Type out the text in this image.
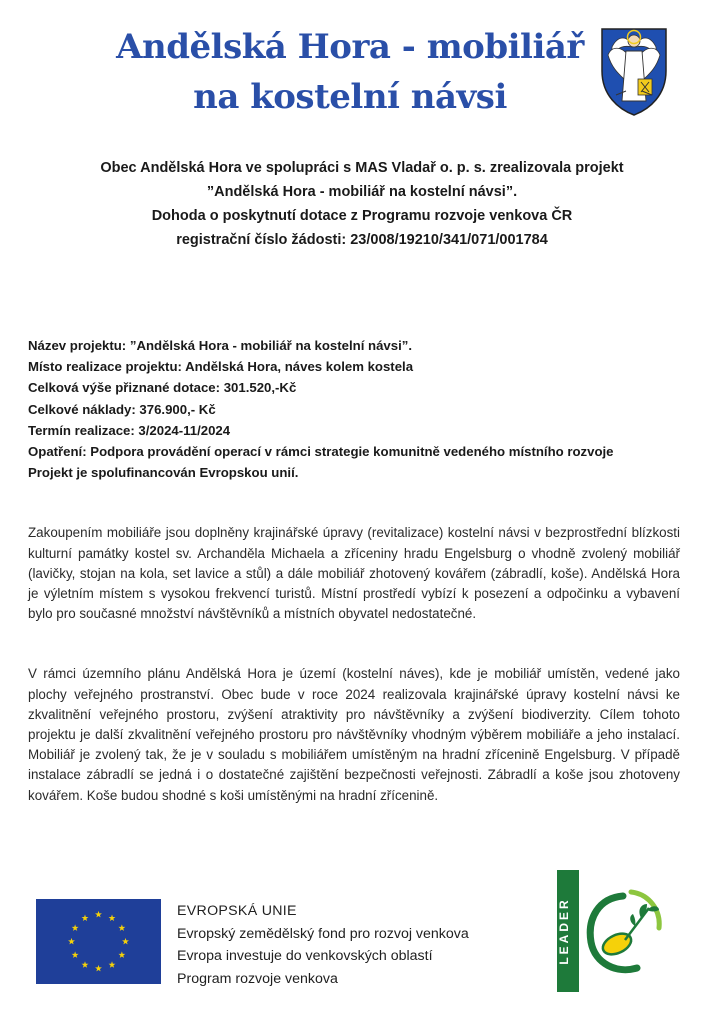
Andělská Hora - mobiliář
na kostelní návsi
Obec Andělská Hora ve spolupráci s MAS Vladař o. p. s. zrealizovala projekt
”Andělská Hora - mobiliář na kostelní návsi”.
Dohoda o poskytnutí dotace z Programu rozvoje venkova ČR
registrační číslo žádosti: 23/008/19210/341/071/001784
Název projektu: ”Andělská Hora - mobiliář na kostelní návsi”.
Místo realizace projektu: Andělská Hora, náves kolem kostela
Celková výše přiznané dotace: 301.520,-Kč
Celkové náklady: 376.900,- Kč
Termín realizace: 3/2024-11/2024
Opatření: Podpora provádění operací v rámci strategie komunitně vedeného místního rozvoje
Projekt je spolufinancován Evropskou unií.

Zakoupením mobiliáře jsou doplněny krajinářské úpravy (revitalizace) kostelní návsi v bezprostřední blízkosti kulturní památky kostel sv. Archanděla Michaela a zříceniny hradu Engelsburg o vhodně zvolený mobiliář (lavičky, stojan na kola, set lavice a stůl) a dále mobiliář zhotovený kovářem (zábradlí, koše). Andělská Hora je výletním místem s vysokou frekvencí turistů. Místní prostředí vybízí k posezení a odpočinku a vybavení bylo pro současné množství návštěvníků a místních obyvatel nedostatečné.

V rámci územního plánu Andělská Hora je území (kostelní náves), kde je mobiliář umístěn, vedené jako plochy veřejného prostranství. Obec bude v roce 2024 realizovala krajinářské úpravy kostelní návsi ke zkvalitnění veřejného prostoru, zvýšení atraktivity pro návštěvníky a zvýšení biodiverzity. Cílem tohoto projektu je další zkvalitnění veřejného prostoru pro návštěvníky vhodným výběrem mobiliáře a jeho instalací. Mobiliář je zvolený tak, že je v souladu s mobiliářem umístěným na hradní zřícenině Engelsburg. V případě instalace zábradlí se jedná i o dostatečné zajištění bezpečnosti veřejnosti. Zábradlí a koše jsou zhotoveny kovářem. Koše budou shodné s koši umístěnými na hradní zřícenině.

EVROPSKÁ UNIE
Evropský zemědělský fond pro rozvoj venkova
Evropa investuje do venkovských oblastí
Program rozvoje venkova
LEADER
